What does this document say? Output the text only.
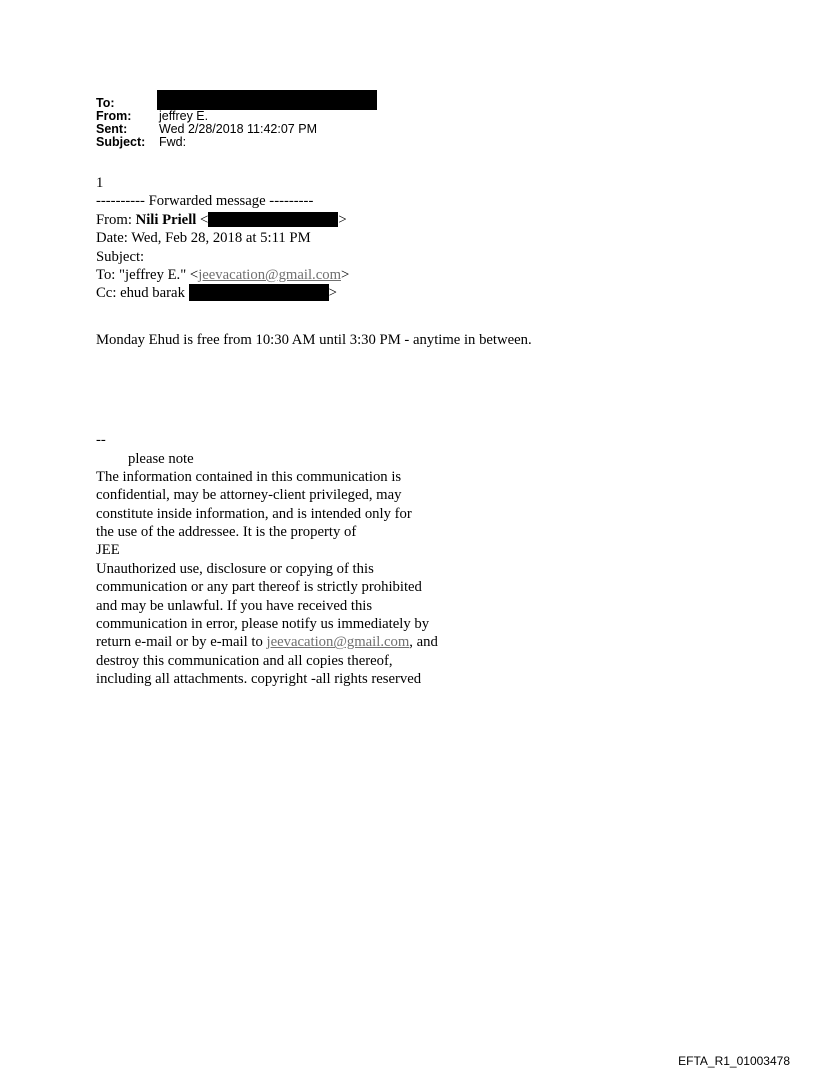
To:
From: jeffrey E.
Sent:	Wed 2/28/2018 11:42:07 PM
Subject: Fwd:
1
---------- Forwarded message ---------
From: Nili Priell <	>
Date: Wed, Feb 28, 2018 at 5:11 PM
Subject:
To: "jeffrey E." <jeevacation@gmail.com>
Cc: ehud barak	>
Monday Ehud is free from 10:30 AM until 3:30 PM - anytime in between.
--
please note
The information contained in this communication is
confidential, may be attorney-client privileged, may
constitute inside information, and is intended only for
the use of the addressee. It is the property of
JEE
Unauthorized use, disclosure or copying of this
communication or any part thereof is strictly prohibited
and may be unlawful. If you have received this
communication in error, please notify us immediately by
return e-mail or by e-mail to jeevacation@gmail.com, and
destroy this communication and all copies thereof,
including all attachments. copyright -all rights reserved
EFTA_R1_01003478
